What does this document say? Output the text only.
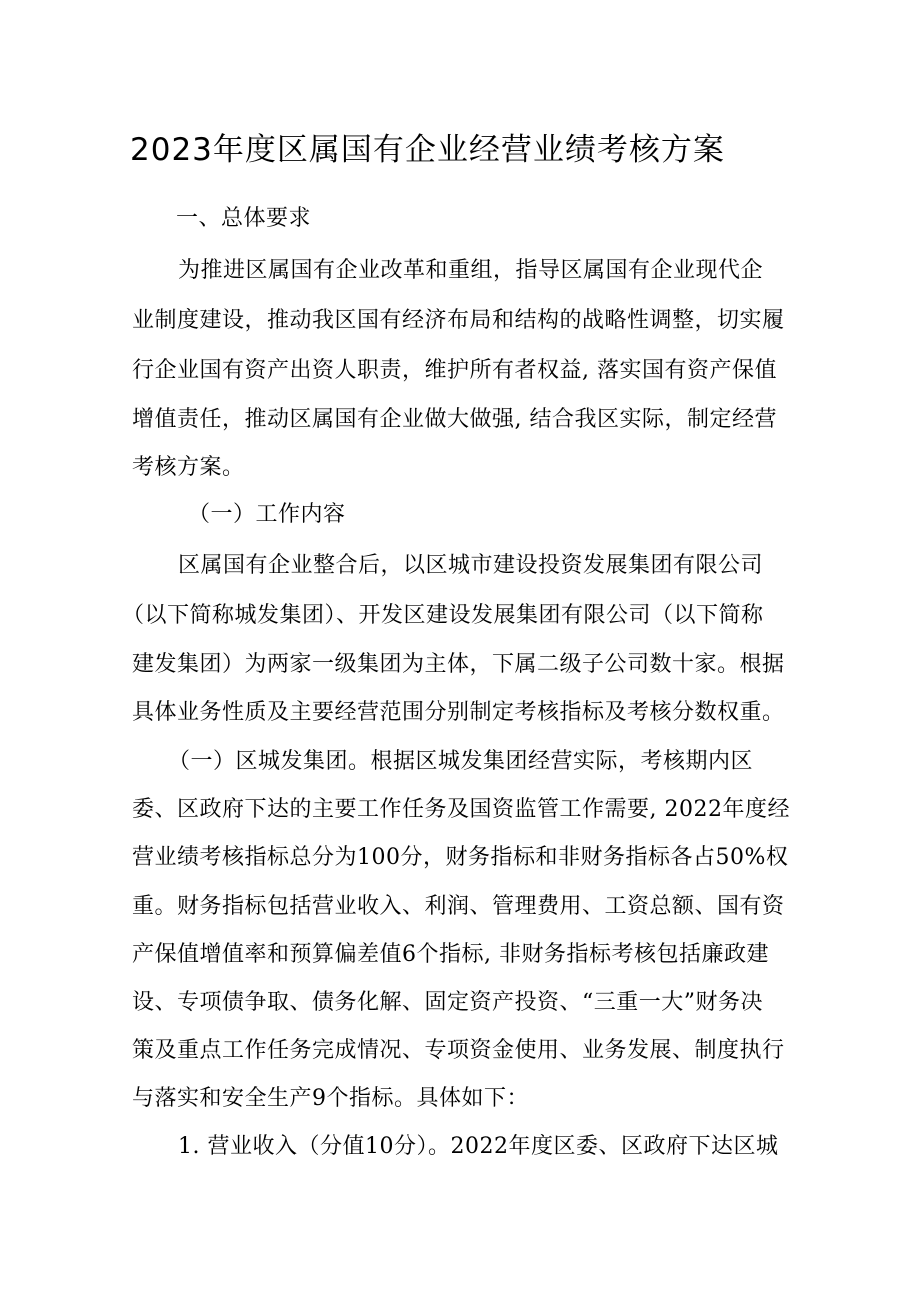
2023年度区属国有企业经营业绩考核方案
一、总体要求
为推进区属国有企业改革和重组，指导区属国有企业现代企
业制度建设，推动我区国有经济布局和结构的战略性调整，切实履
行企业国有资产出资人职责，维护所有者权益, 落实国有资产保值
增值责任，推动区属国有企业做大做强, 结合我区实际，制定经营
考核方案。
（一）工作内容
区属国有企业整合后，以区城市建设投资发展集团有限公司
（以下简称城发集团）、开发区建设发展集团有限公司（以下简称
建发集团）为两家一级集团为主体，下属二级子公司数十家。根据
具体业务性质及主要经营范围分别制定考核指标及考核分数权重。
（一）区城发集团。根据区城发集团经营实际，考核期内区
委、区政府下达的主要工作任务及国资监管工作需要, 2022年度经
营业绩考核指标总分为100分，财务指标和非财务指标各占50%权
重。财务指标包括营业收入、利润、管理费用、工资总额、国有资
产保值增值率和预算偏差值6个指标, 非财务指标考核包括廉政建
设、专项债争取、债务化解、固定资产投资、“三重一大”财务决
策及重点工作任务完成情况、专项资金使用、业务发展、制度执行
与落实和安全生产9个指标。具体如下：
1. 营业收入（分值10分）。2022年度区委、区政府下达区城
